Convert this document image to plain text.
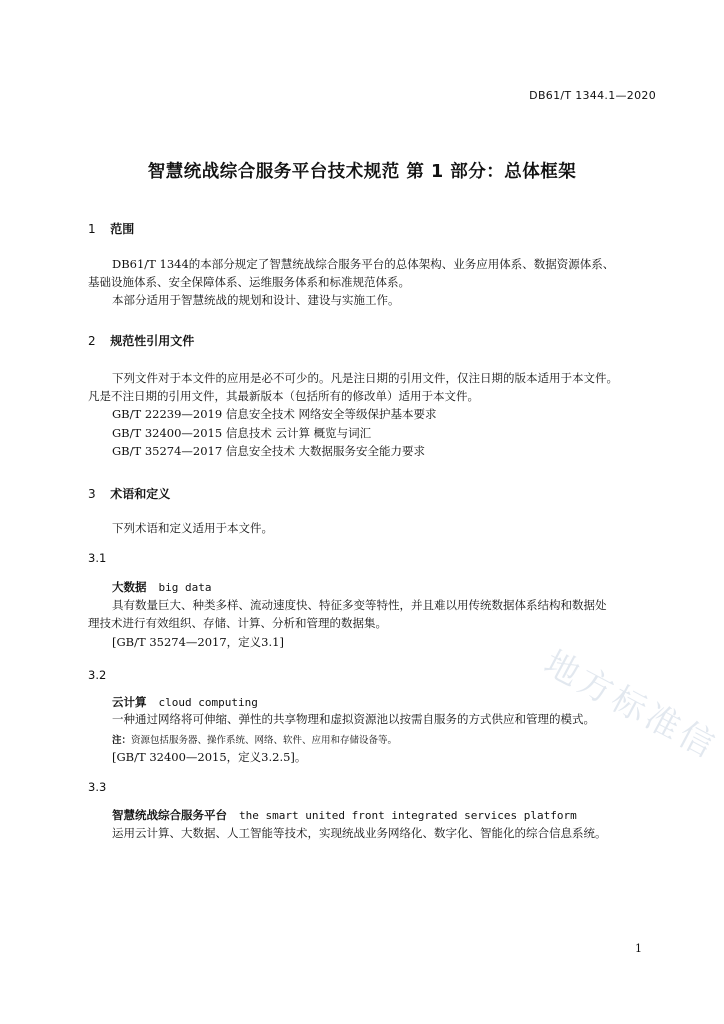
DB61/T 1344.1—2020
智慧统战综合服务平台技术规范 第 1 部分：总体框架
1 范围
DB61/T 1344的本部分规定了智慧统战综合服务平台的总体架构、业务应用体系、数据资源体系、
基础设施体系、安全保障体系、运维服务体系和标准规范体系。
本部分适用于智慧统战的规划和设计、建设与实施工作。
2 规范性引用文件
下列文件对于本文件的应用是必不可少的。凡是注日期的引用文件，仅注日期的版本适用于本文件。
凡是不注日期的引用文件，其最新版本（包括所有的修改单）适用于本文件。
GB/T 22239—2019 信息安全技术 网络安全等级保护基本要求
GB/T 32400—2015 信息技术 云计算 概览与词汇
GB/T 35274—2017 信息安全技术 大数据服务安全能力要求
3 术语和定义
下列术语和定义适用于本文件。
3.1
大数据 big data
具有数量巨大、种类多样、流动速度快、特征多变等特性，并且难以用传统数据体系结构和数据处
理技术进行有效组织、存储、计算、分析和管理的数据集。
[GB/T 35274—2017，定义3.1]
3.2
云计算 cloud computing
一种通过网络将可伸缩、弹性的共享物理和虚拟资源池以按需自服务的方式供应和管理的模式。
注：资源包括服务器、操作系统、网络、软件、应用和存储设备等。
[GB/T 32400—2015，定义3.2.5]。
3.3
智慧统战综合服务平台 the smart united front integrated services platform
运用云计算、大数据、人工智能等技术，实现统战业务网络化、数字化、智能化的综合信息系统。
地方标准信
1
